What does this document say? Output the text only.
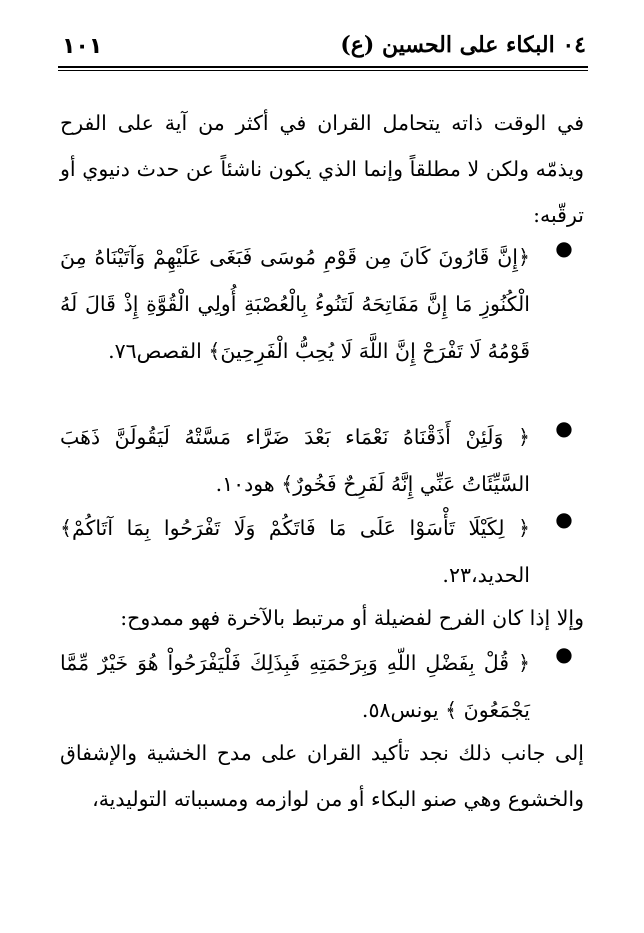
١٠١	٠٤ البكاء على الحسين (ع)
في الوقت ذاته يتحامل القران في أكثر من آية على الفرح ويذمّه ولكن لا مطلقاً وإنما الذي يكون ناشئاً عن حدث دنيوي أو ترقّبه:
﴿إِنَّ قَارُونَ كَانَ مِن قَوْمِ مُوسَى فَبَغَى عَلَيْهِمْ وَآتَيْنَاهُ مِنَ الْكُنُوزِ مَا إِنَّ مَفَاتِحَهُ لَتَنُوءُ بِالْعُصْبَةِ أُولِي الْقُوَّةِ إِذْ قَالَ لَهُ قَوْمُهُ لَا تَفْرَحْ إِنَّ اللَّهَ لَا يُحِبُّ الْفَرِحِينَ﴾ القصص٧٦.
●
﴿ وَلَئِنْ أَذَقْنَاهُ نَعْمَاء بَعْدَ ضَرَّاء مَسَّتْهُ لَيَقُولَنَّ ذَهَبَ السَّيِّئَاتُ عَنِّي إِنَّهُ لَفَرِحٌ فَخُورٌ﴾ هود١٠.
●
﴿ لِكَيْلَا تَأْسَوْا عَلَى مَا فَاتَكُمْ وَلَا تَفْرَحُوا بِمَا آتَاكُمْ﴾ الحديد،٢٣.
●
وإلا إذا كان الفرح لفضيلة أو مرتبط بالآخرة فهو ممدوح:
﴿ قُلْ بِفَضْلِ اللّهِ وَبِرَحْمَتِهِ فَبِذَلِكَ فَلْيَفْرَحُواْ هُوَ خَيْرٌ مِّمَّا يَجْمَعُونَ ﴾ يونس٥٨.
●
إلى جانب ذلك نجد تأكيد القران على مدح الخشية والإشفاق والخشوع وهي صنو البكاء أو من لوازمه ومسبباته التوليدية،
